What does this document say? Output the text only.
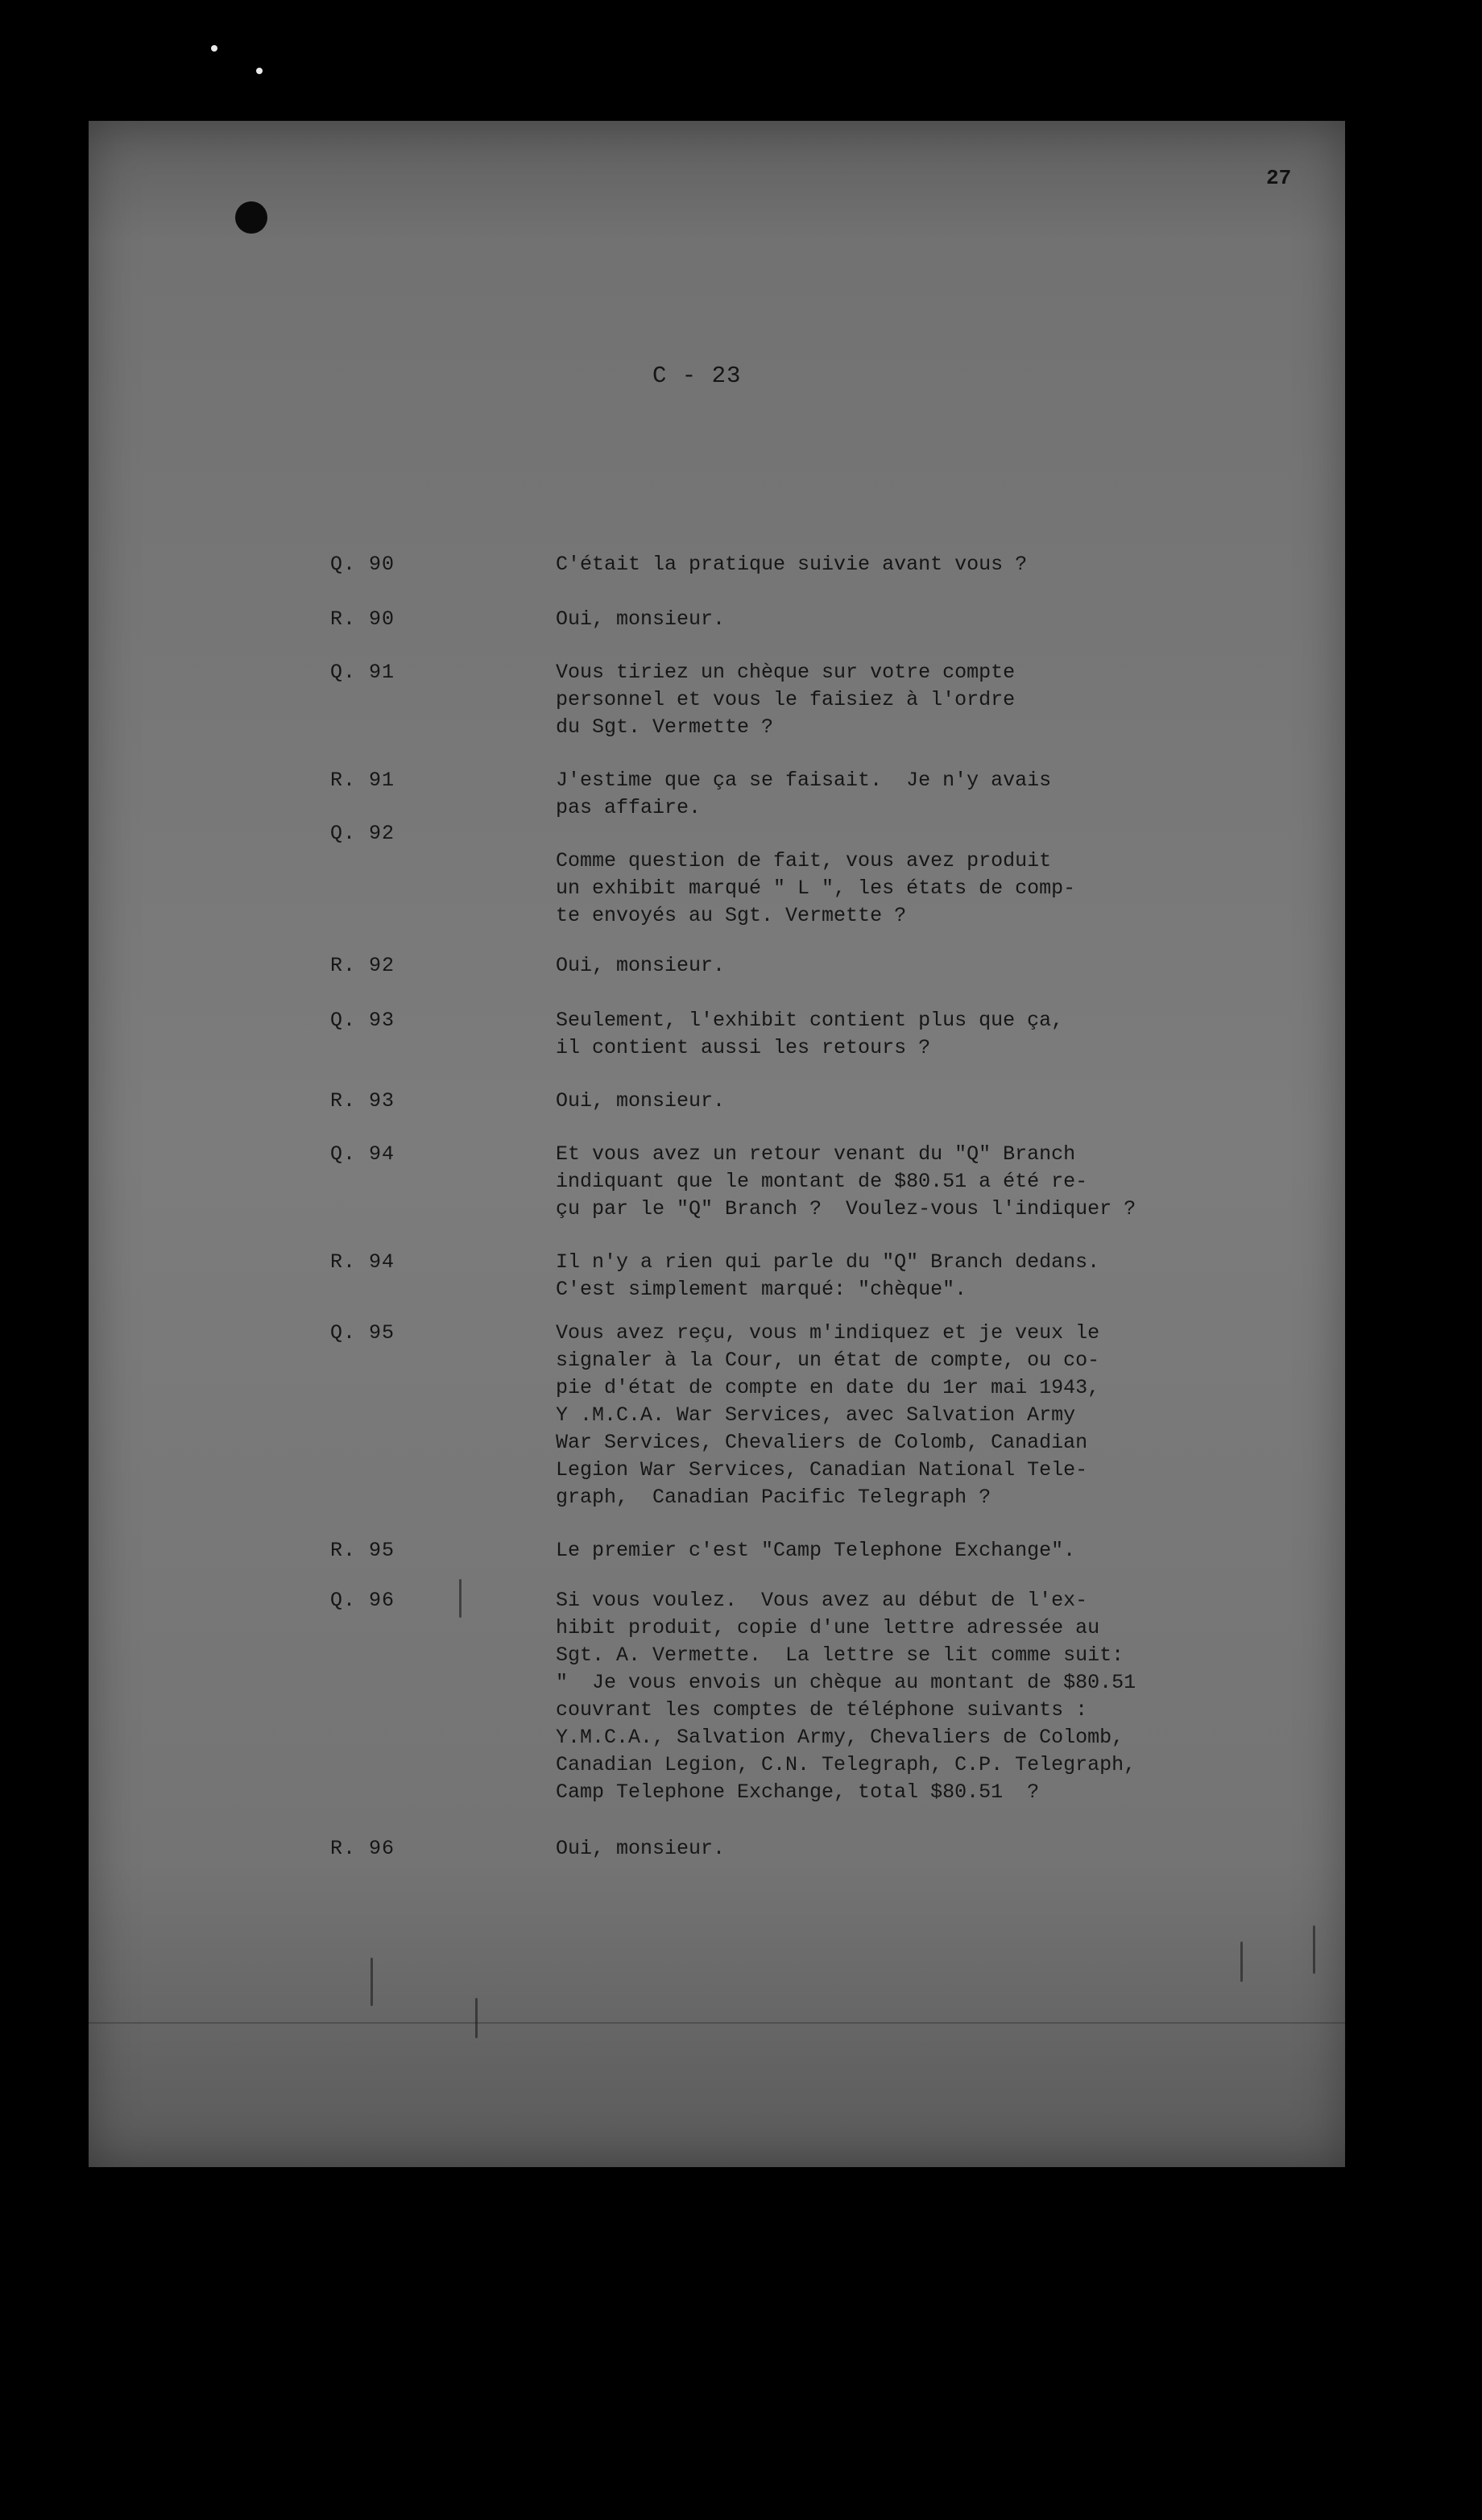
27
C - 23
Q. 90	C'était la pratique suivie avant vous ?
R. 90	Oui, monsieur.
Q. 91	Vous tiriez un chèque sur votre compte
personnel et vous le faisiez à l'ordre
du Sgt. Vermette ?
R. 91	J'estime que ça se faisait.  Je n'y avais
pas affaire.
Q. 92

Comme question de fait, vous avez produit
un exhibit marqué " L ", les états de comp-
te envoyés au Sgt. Vermette ?
R. 92	Oui, monsieur.
Q. 93	Seulement, l'exhibit contient plus que ça,
il contient aussi les retours ?
R. 93	Oui, monsieur.
Q. 94	Et vous avez un retour venant du "Q" Branch
indiquant que le montant de $80.51 a été re-
çu par le "Q" Branch ?  Voulez-vous l'indiquer ?
R. 94	Il n'y a rien qui parle du "Q" Branch dedans.
C'est simplement marqué: "chèque".
Q. 95	Vous avez reçu, vous m'indiquez et je veux le
signaler à la Cour, un état de compte, ou co-
pie d'état de compte en date du 1er mai 1943,
Y .M.C.A. War Services, avec Salvation Army
War Services, Chevaliers de Colomb, Canadian
Legion War Services, Canadian National Tele-
graph,  Canadian Pacific Telegraph ?
R. 95	Le premier c'est "Camp Telephone Exchange".
Q. 96	Si vous voulez.  Vous avez au début de l'ex-
hibit produit, copie d'une lettre adressée au
Sgt. A. Vermette.  La lettre se lit comme suit:
"  Je vous envois un chèque au montant de $80.51
couvrant les comptes de téléphone suivants :
Y.M.C.A., Salvation Army, Chevaliers de Colomb,
Canadian Legion, C.N. Telegraph, C.P. Telegraph,
Camp Telephone Exchange, total $80.51  ?
R. 96	Oui, monsieur.
